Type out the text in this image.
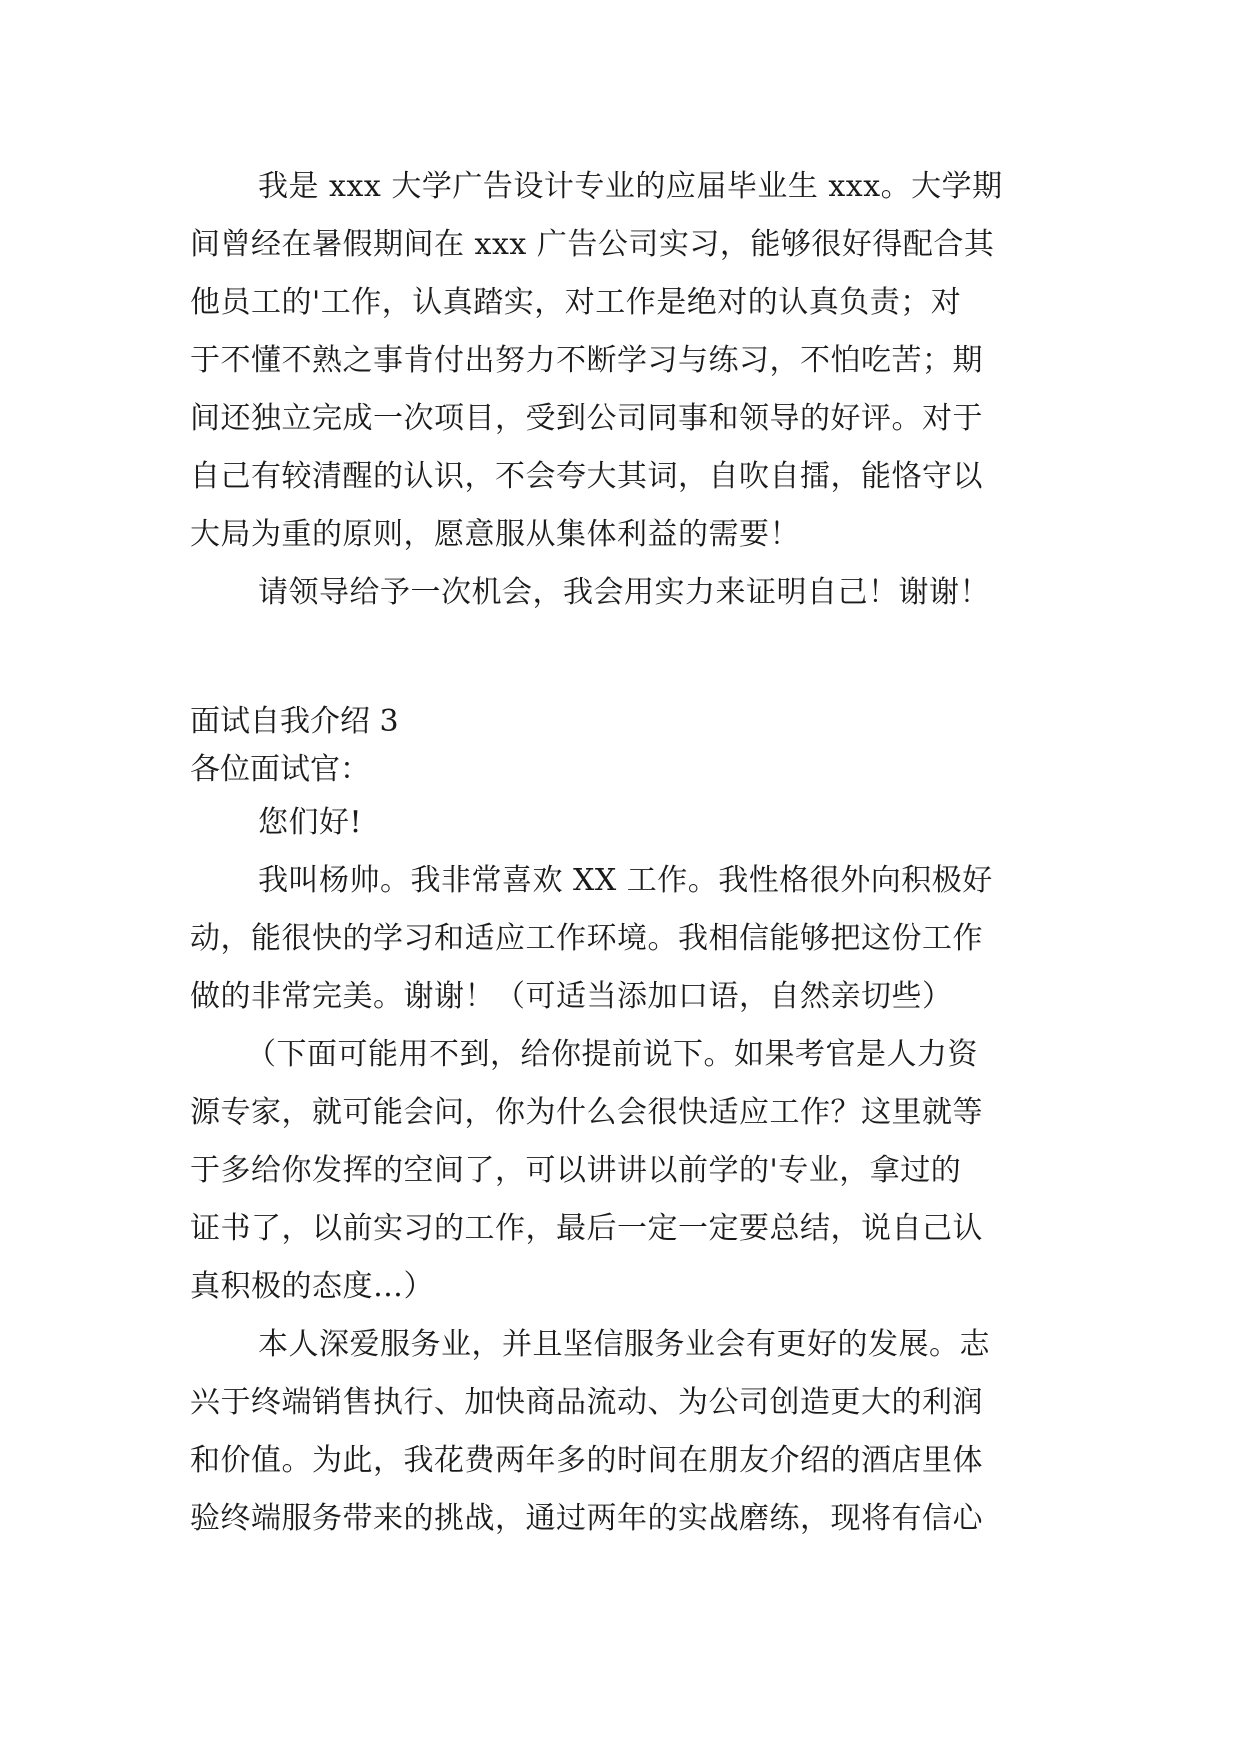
我是 xxx 大学广告设计专业的应届毕业生 xxx。大学期
间曾经在暑假期间在 xxx 广告公司实习，能够很好得配合其
他员工的'工作，认真踏实，对工作是绝对的认真负责；对
于不懂不熟之事肯付出努力不断学习与练习，不怕吃苦；期
间还独立完成一次项目，受到公司同事和领导的好评。对于
自己有较清醒的认识，不会夸大其词，自吹自擂，能恪守以
大局为重的原则，愿意服从集体利益的需要！
请领导给予一次机会，我会用实力来证明自己！谢谢！
面试自我介绍 3
各位面试官：
您们好!
我叫杨帅。我非常喜欢 XX 工作。我性格很外向积极好
动，能很快的学习和适应工作环境。我相信能够把这份工作
做的非常完美。谢谢！（可适当添加口语，自然亲切些）
（下面可能用不到，给你提前说下。如果考官是人力资
源专家，就可能会问，你为什么会很快适应工作？这里就等
于多给你发挥的空间了，可以讲讲以前学的'专业，拿过的
证书了，以前实习的工作，最后一定一定要总结，说自己认
真积极的态度…）
本人深爱服务业，并且坚信服务业会有更好的发展。志
兴于终端销售执行、加快商品流动、为公司创造更大的利润
和价值。为此，我花费两年多的时间在朋友介绍的酒店里体
验终端服务带来的挑战，通过两年的实战磨练，现将有信心
